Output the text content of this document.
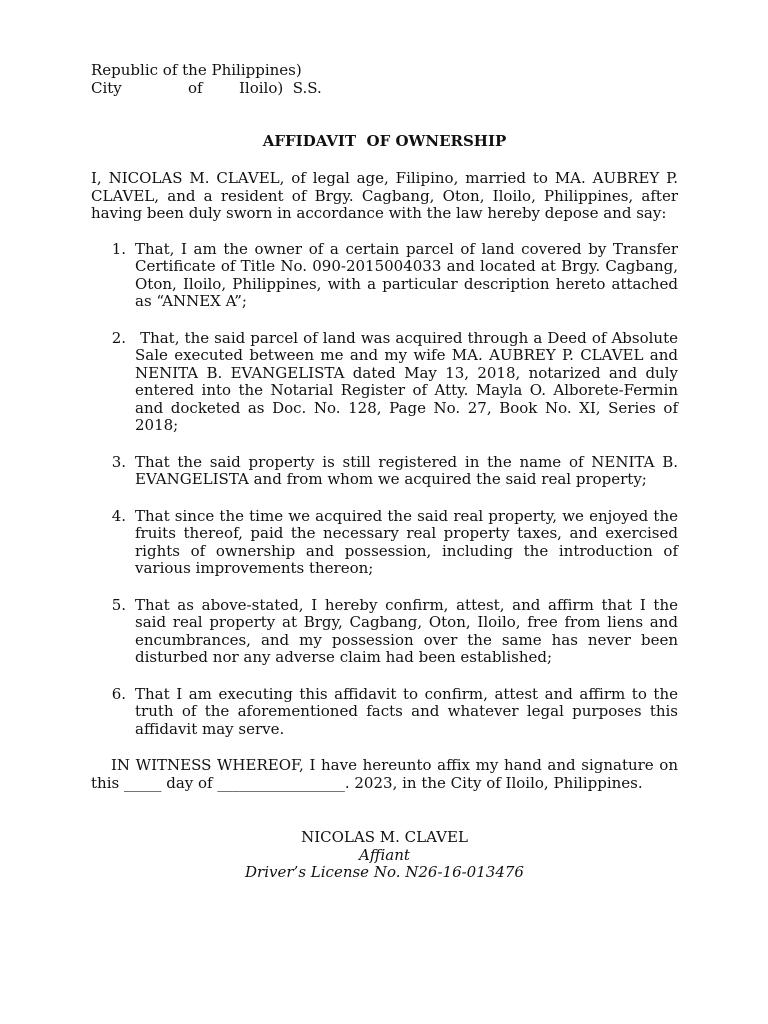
Republic of the Philippines)

City	of	Iloilo)  S.S.
AFFIDAVIT  OF OWNERSHIP

I, NICOLAS M. CLAVEL, of legal age, Filipino, married to MA. AUBREY P. CLAVEL, and a resident of Brgy. Cagbang, Oton, Iloilo, Philippines, after having been duly sworn in accordance with the law hereby depose and say:

1. That, I am the owner of a certain parcel of land covered by Transfer Certificate of Title No. 090-2015004033 and located at Brgy. Cagbang, Oton, Iloilo, Philippines, with a particular description hereto attached as “ANNEX A”;
2. That, the said parcel of land was acquired through a Deed of Absolute Sale executed between me and my wife MA. AUBREY P. CLAVEL and NENITA B. EVANGELISTA dated May 13, 2018, notarized and duly entered into the Notarial Register of Atty. Mayla O. Alborete-Fermin and docketed as Doc. No. 128, Page No. 27, Book No. XI, Series of 2018;
3. That the said property is still registered in the name of NENITA B. EVANGELISTA and from whom we acquired the said real property;
4. That since the time we acquired the said real property, we enjoyed the fruits thereof, paid the necessary real property taxes, and exercised rights of ownership and possession, including the introduction of various improvements thereon;
5. That as above-stated, I hereby confirm, attest, and affirm that I the said real property at Brgy, Cagbang, Oton, Iloilo, free from liens and encumbrances, and my possession over the same has never been disturbed nor any adverse claim had been established;
6. That I am executing this affidavit to confirm, attest and affirm to the truth of the aforementioned facts and whatever legal purposes this affidavit may serve.

IN WITNESS WHEREOF, I have hereunto affix my hand and signature on this _____ day of _________________. 2023, in the City of Iloilo, Philippines.

NICOLAS M. CLAVEL
Affiant
Driver’s License No. N26-16-013476
